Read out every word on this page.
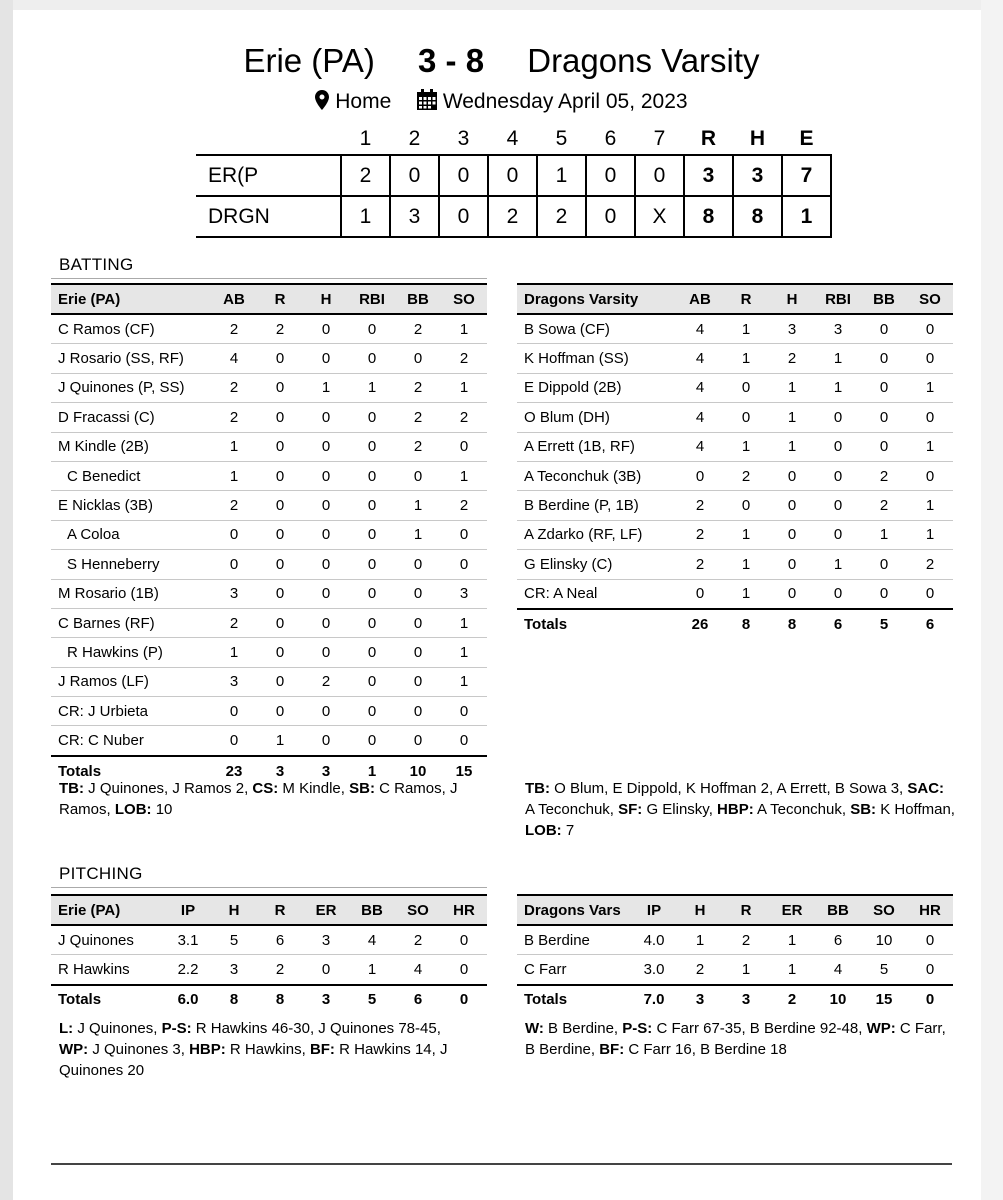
Erie (PA) 3 - 8 Dragons Varsity
Home Wednesday April 05, 2023
	1	2	3	4	5	6	7	R	H	E
ER(P	2	0	0	0	1	0	0	3	3	7
DRGN	1	3	0	2	2	0	X	8	8	1
BATTING
Erie (PA)	AB	R	H	RBI	BB	SO
C Ramos (CF)	2	2	0	0	2	1
J Rosario (SS, RF)	4	0	0	0	0	2
J Quinones (P, SS)	2	0	1	1	2	1
D Fracassi (C)	2	0	0	0	2	2
M Kindle (2B)	1	0	0	0	2	0
C Benedict	1	0	0	0	0	1
E Nicklas (3B)	2	0	0	0	1	2
A Coloa	0	0	0	0	1	0
S Henneberry	0	0	0	0	0	0
M Rosario (1B)	3	0	0	0	0	3
C Barnes (RF)	2	0	0	0	0	1
R Hawkins (P)	1	0	0	0	0	1
J Ramos (LF)	3	0	2	0	0	1
CR: J Urbieta	0	0	0	0	0	0
CR: C Nuber	0	1	0	0	0	0
Totals	23	3	3	1	10	15
Dragons Varsity	AB	R	H	RBI	BB	SO
B Sowa (CF)	4	1	3	3	0	0
K Hoffman (SS)	4	1	2	1	0	0
E Dippold (2B)	4	0	1	1	0	1
O Blum (DH)	4	0	1	0	0	0
A Errett (1B, RF)	4	1	1	0	0	1
A Teconchuk (3B)	0	2	0	0	2	0
B Berdine (P, 1B)	2	0	0	0	2	1
A Zdarko (RF, LF)	2	1	0	0	1	1
G Elinsky (C)	2	1	0	1	0	2
CR: A Neal	0	1	0	0	0	0
Totals	26	8	8	6	5	6
TB: J Quinones, J Ramos 2, CS: M Kindle, SB: C Ramos, J Ramos, LOB: 10
TB: O Blum, E Dippold, K Hoffman 2, A Errett, B Sowa 3, SAC: A Teconchuk, SF: G Elinsky, HBP: A Teconchuk, SB: K Hoffman, LOB: 7
PITCHING
Erie (PA)	IP	H	R	ER	BB	SO	HR
J Quinones	3.1	5	6	3	4	2	0
R Hawkins	2.2	3	2	0	1	4	0
Totals	6.0	8	8	3	5	6	0
Dragons Vars	IP	H	R	ER	BB	SO	HR
B Berdine	4.0	1	2	1	6	10	0
C Farr	3.0	2	1	1	4	5	0
Totals	7.0	3	3	2	10	15	0
L: J Quinones, P-S: R Hawkins 46-30, J Quinones 78-45, WP: J Quinones 3, HBP: R Hawkins, BF: R Hawkins 14, J Quinones 20
W: B Berdine, P-S: C Farr 67-35, B Berdine 92-48, WP: C Farr, B Berdine, BF: C Farr 16, B Berdine 18
